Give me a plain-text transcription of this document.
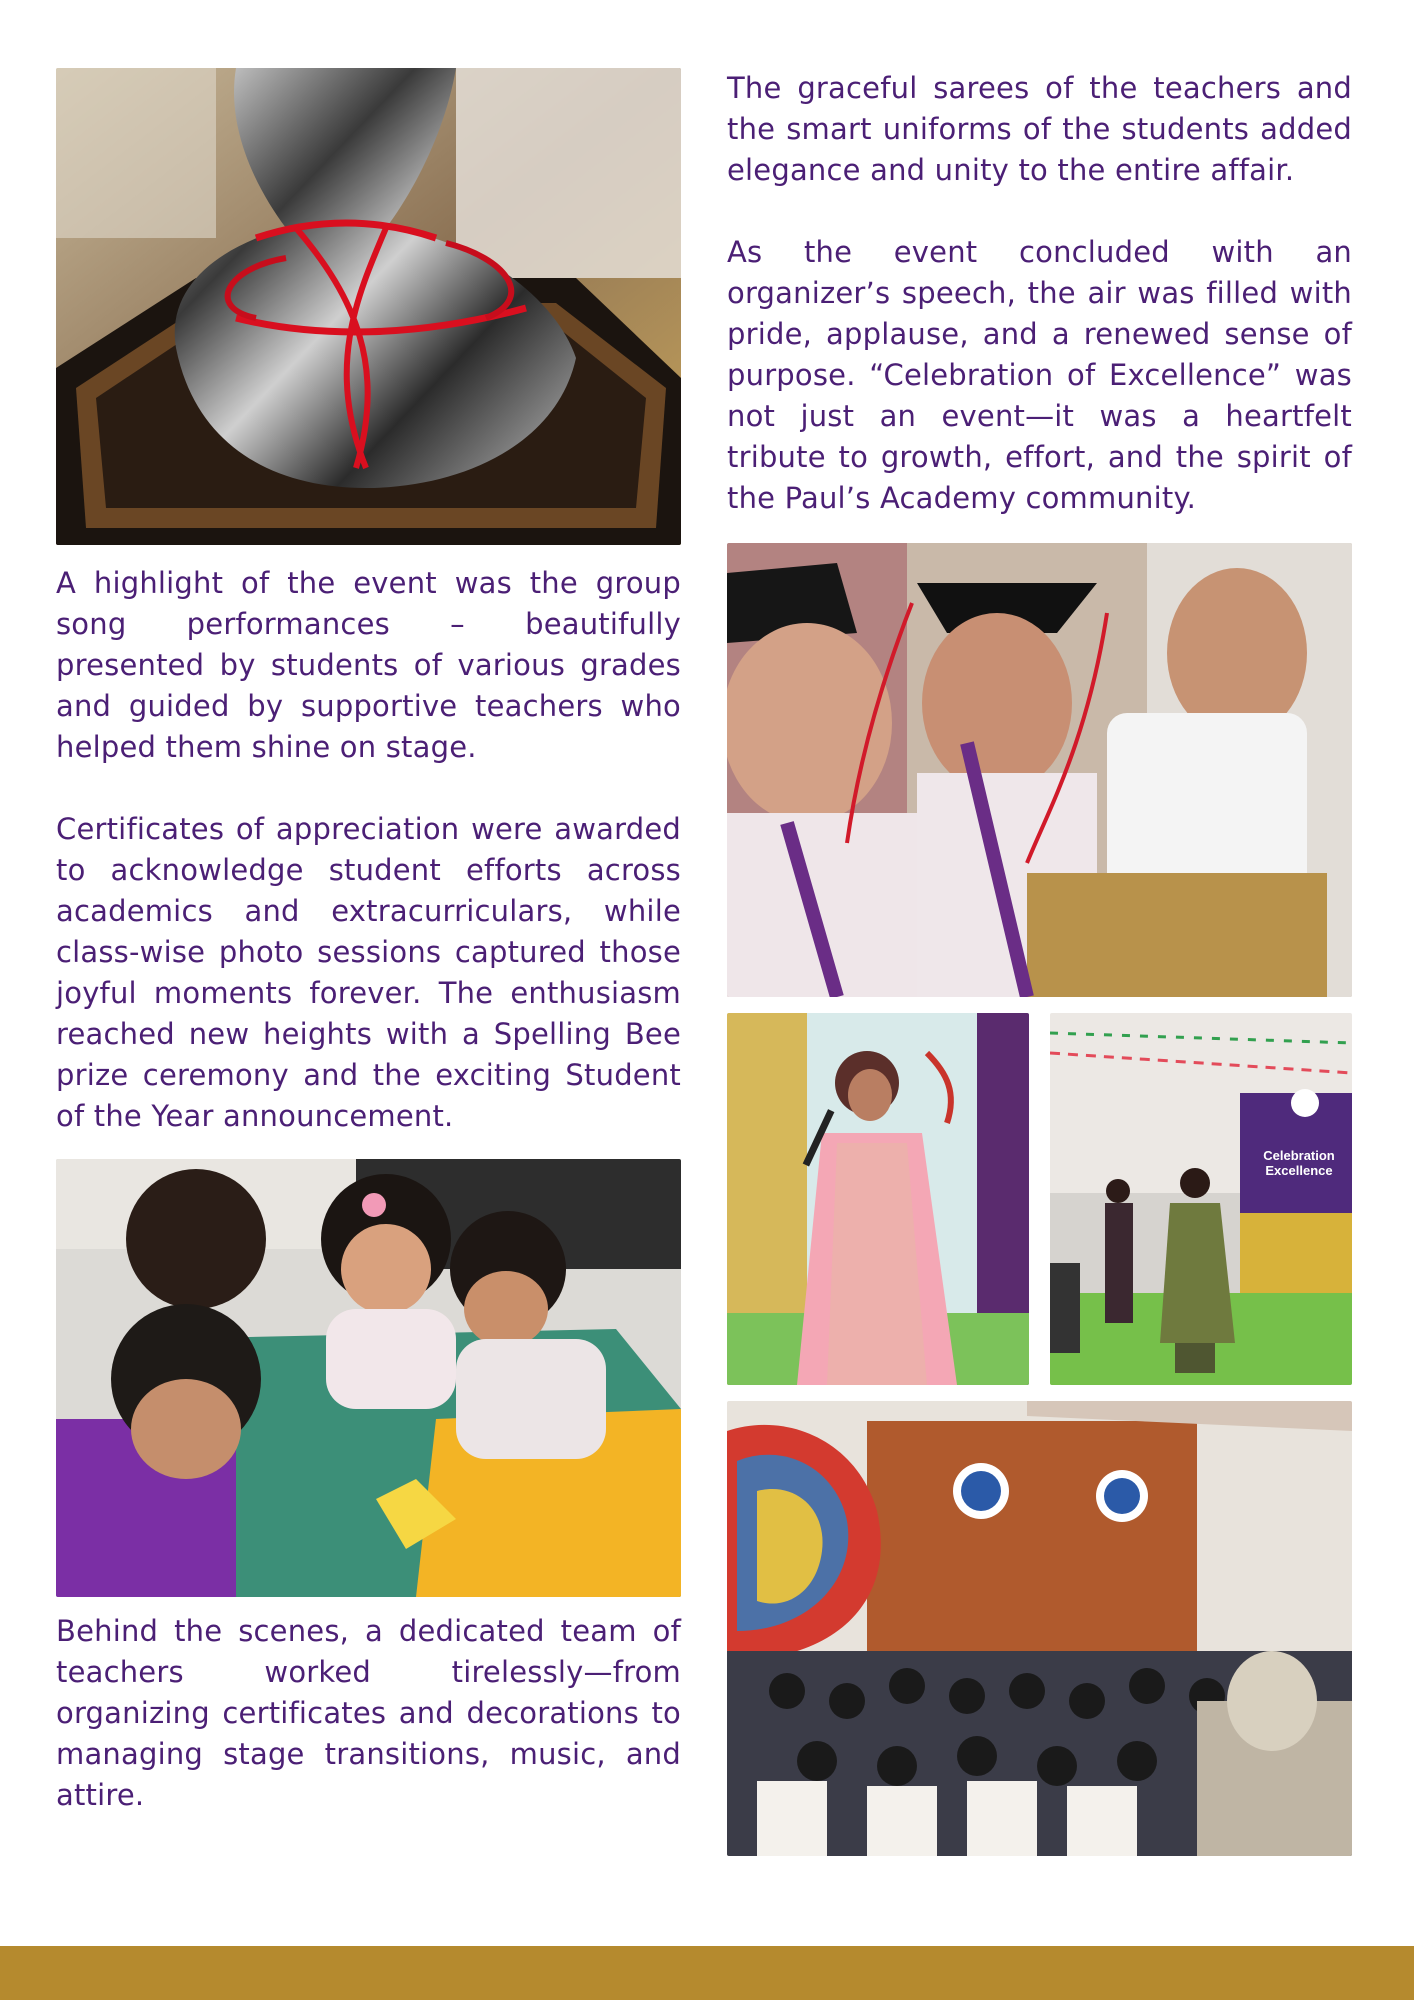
A highlight of the event was the group song performances – beautifully presented by students of various grades and guided by supportive teachers who helped them shine on stage.

Certificates of appreciation were awarded to acknowledge student efforts across academics and extracurriculars, while class-wise photo sessions captured those joyful moments forever. The enthusiasm reached new heights with a Spelling Bee prize ceremony and the exciting Student of the Year announcement.

Behind the scenes, a dedicated team of teachers worked tirelessly—from organizing certificates and decorations to managing stage transitions, music, and attire.

The graceful sarees of the teachers and the smart uniforms of the students added elegance and unity to the entire affair.

As the event concluded with an organizer’s speech, the air was filled with pride, applause, and a renewed sense of purpose. “Celebration of Excellence” was not just an event—it was a heartfelt tribute to growth, effort, and the spirit of the Paul’s Academy community.

Celebration
Excellence
